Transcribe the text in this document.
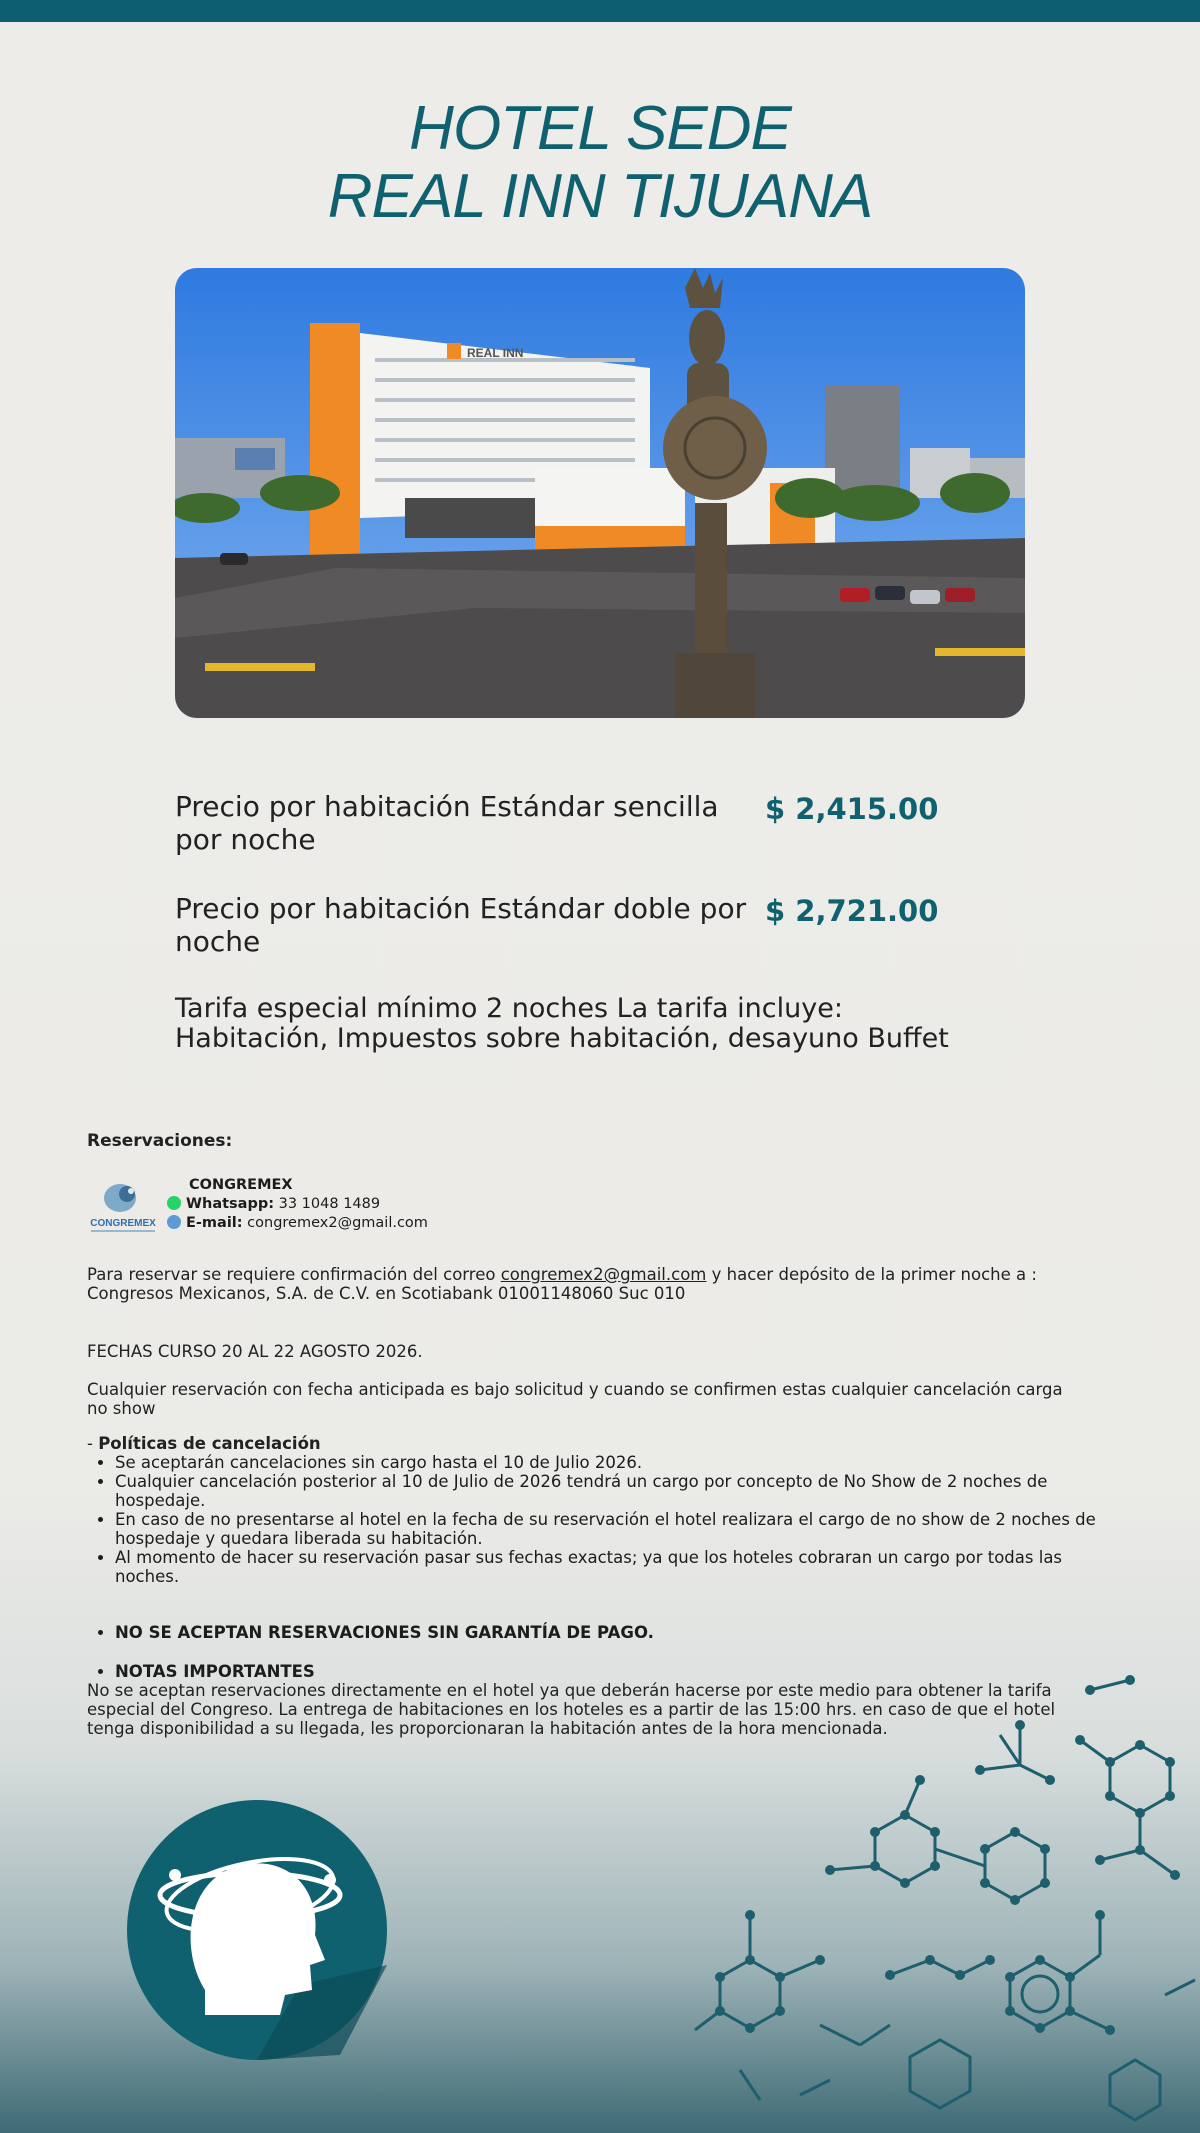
HOTEL SEDE
REAL INN TIJUANA
REAL INN
Precio por habitación Estándar sencilla por noche
$ 2,415.00
Precio por habitación Estándar doble por noche
$ 2,721.00
Tarifa especial mínimo 2 noches La tarifa incluye: Habitación, Impuestos sobre habitación, desayuno Buffet
Reservaciones:
CONGREMEX
CONGREMEX
Whatsapp: 33 1048 1489
E-mail: congremex2@gmail.com
Para reservar se requiere confirmación del correo congremex2@gmail.com y hacer depósito de la primer noche a : Congresos Mexicanos, S.A. de C.V. en Scotiabank 01001148060 Suc 010
FECHAS CURSO 20 AL 22 AGOSTO 2026.
Cualquier reservación con fecha anticipada es bajo solicitud y cuando se confirmen estas cualquier cancelación carga no show
- Políticas de cancelación
• Se aceptarán cancelaciones sin cargo hasta el 10 de Julio 2026.
• Cualquier cancelación posterior al 10 de Julio de 2026 tendrá un cargo por concepto de No Show de 2 noches de hospedaje.
• En caso de no presentarse al hotel en la fecha de su reservación el hotel realizara el cargo de no show de 2 noches de hospedaje y quedara liberada su habitación.
• Al momento de hacer su reservación pasar sus fechas exactas; ya que los hoteles cobraran un cargo por todas las noches.
• NO SE ACEPTAN RESERVACIONES SIN GARANTÍA DE PAGO.
• NOTAS IMPORTANTES
No se aceptan reservaciones directamente en el hotel ya que deberán hacerse por este medio para obtener la tarifa especial del Congreso. La entrega de habitaciones en los hoteles es a partir de las 15:00 hrs. en caso de que el hotel tenga disponibilidad a su llegada, les proporcionaran la habitación antes de la hora mencionada.
